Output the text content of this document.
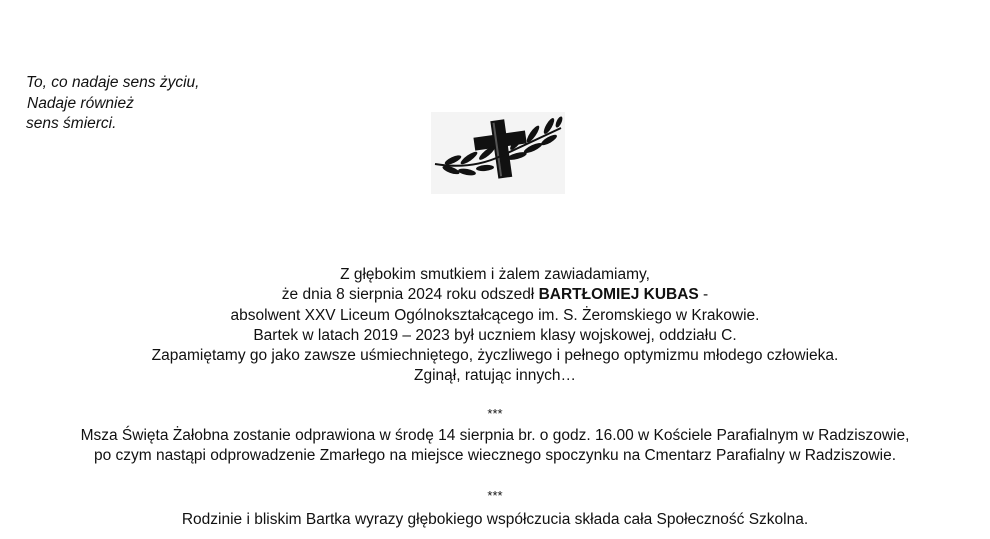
To, co nadaje sens życiu,
Nadaje również
sens śmierci.
Z głębokim smutkiem i żalem zawiadamiamy,
że dnia 8 sierpnia 2024 roku odszedł BARTŁOMIEJ KUBAS -
absolwent XXV Liceum Ogólnokształcącego im. S. Żeromskiego w Krakowie.
Bartek w latach 2019 – 2023 był uczniem klasy wojskowej, oddziału C.
Zapamiętamy go jako zawsze uśmiechniętego, życzliwego i pełnego optymizmu młodego człowieka.
Zginął, ratując innych…
***
Msza Święta Żałobna zostanie odprawiona w środę 14 sierpnia br. o godz. 16.00 w Kościele Parafialnym w Radziszowie,
po czym nastąpi odprowadzenie Zmarłego na miejsce wiecznego spoczynku na Cmentarz Parafialny w Radziszowie.
***
Rodzinie i bliskim Bartka wyrazy głębokiego współczucia składa cała Społeczność Szkolna.
